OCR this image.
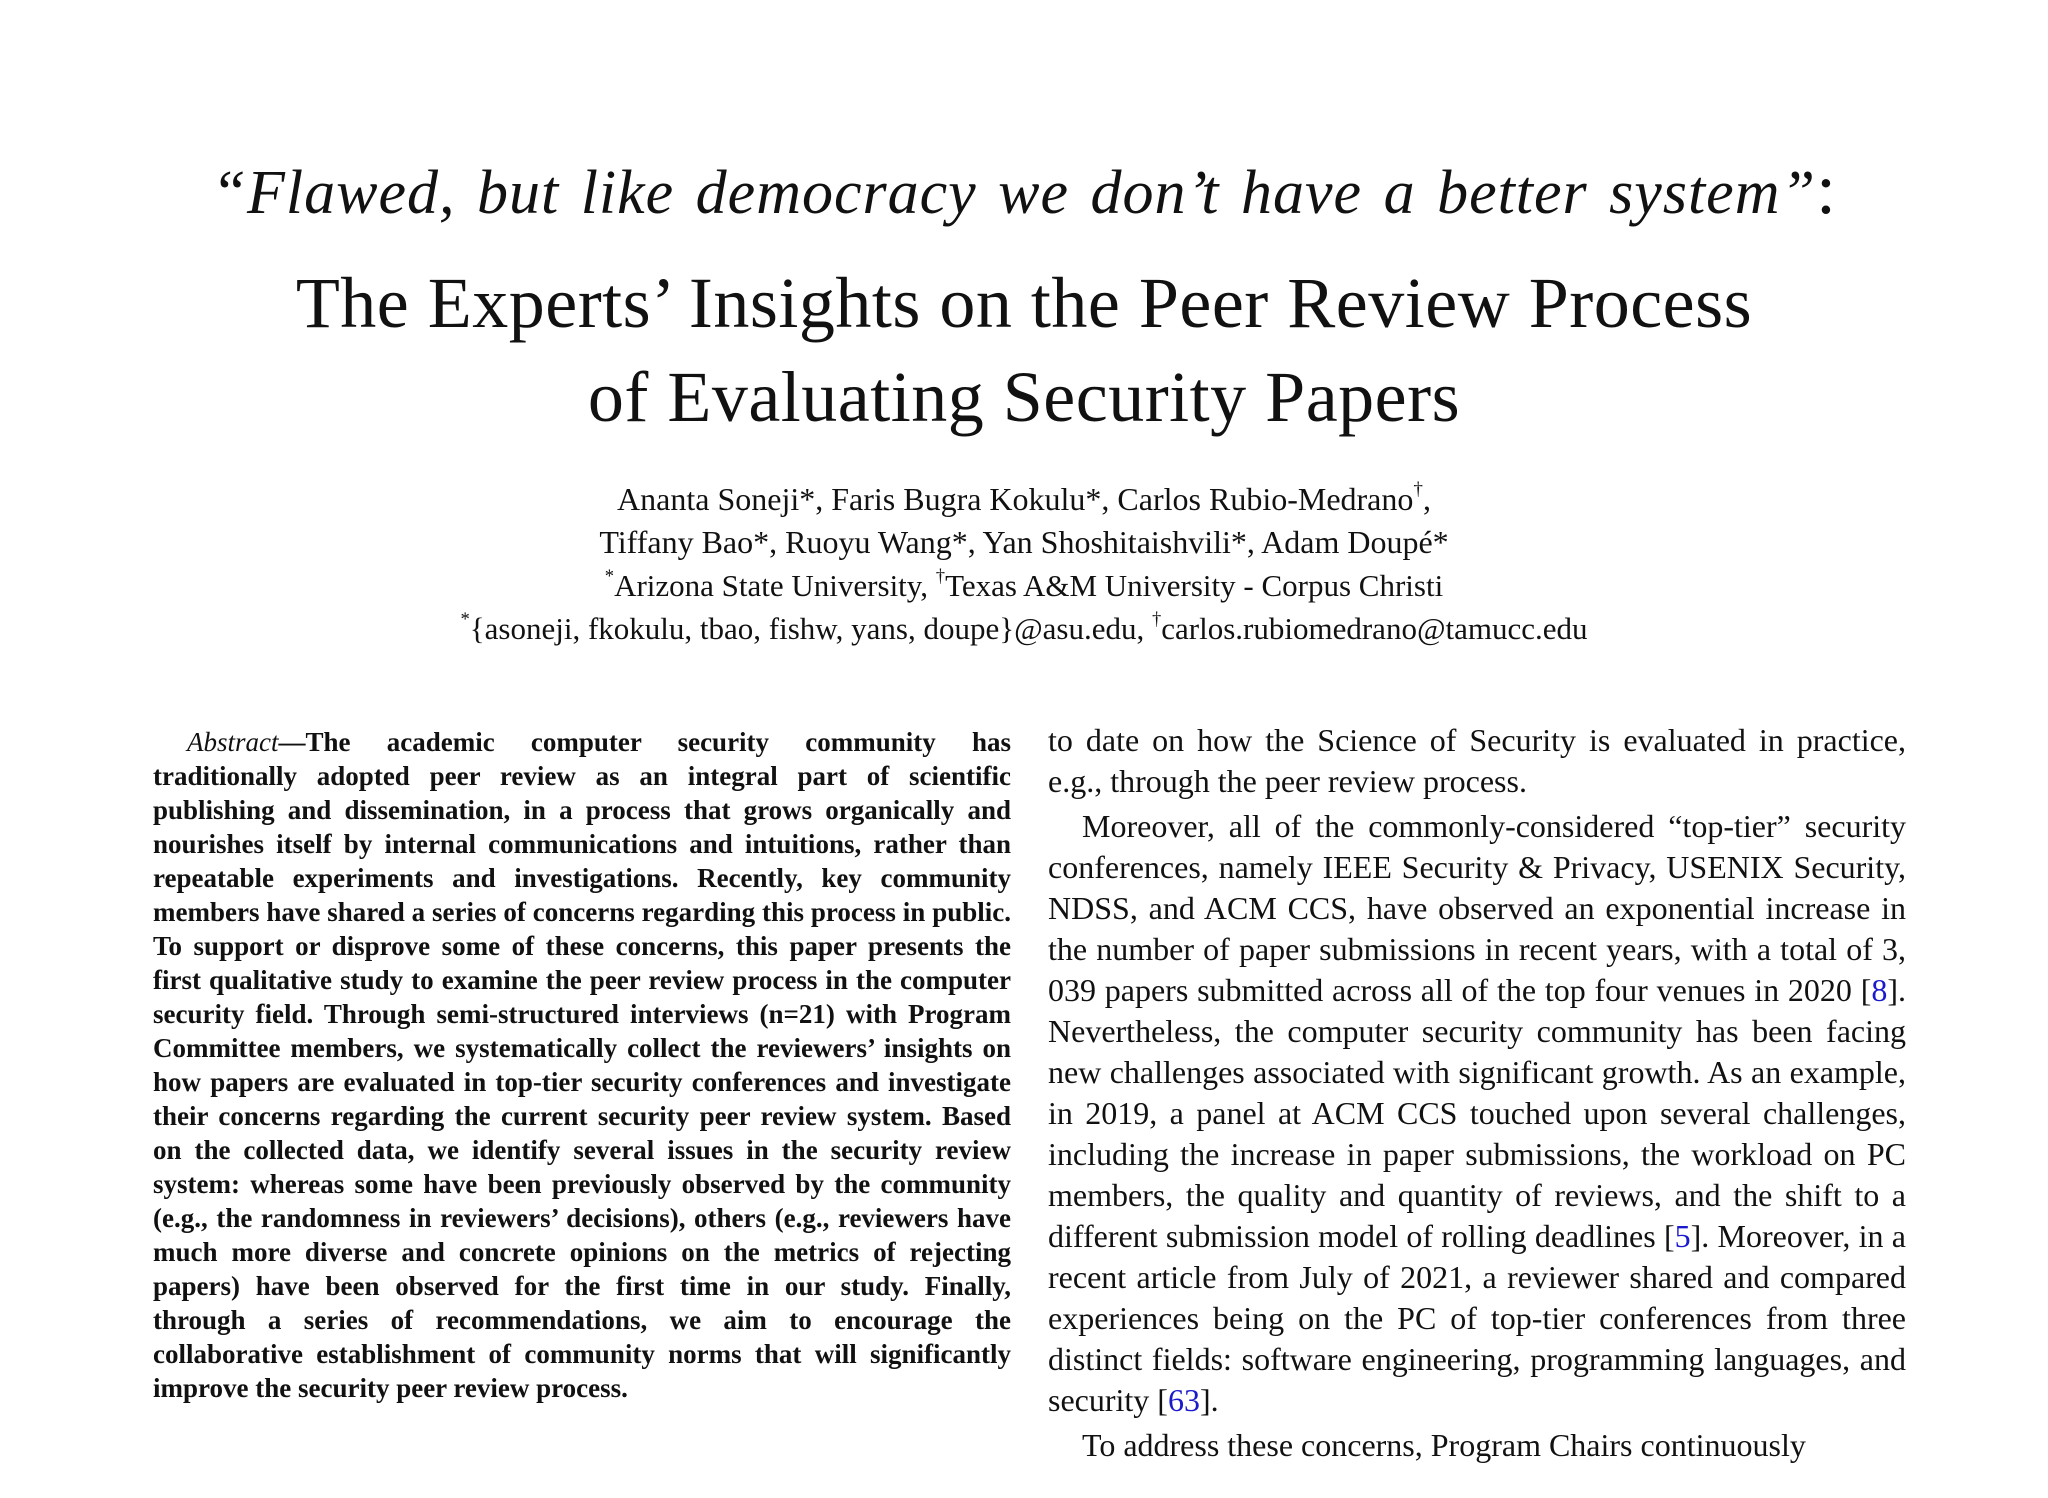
“Flawed, but like democracy we don’t have a better system”:
The Experts’ Insights on the Peer Review Process
of Evaluating Security Papers
Ananta Soneji*, Faris Bugra Kokulu*, Carlos Rubio-Medrano†,
Tiffany Bao*, Ruoyu Wang*, Yan Shoshitaishvili*, Adam Doupé*
*Arizona State University, †Texas A&M University - Corpus Christi
*{asoneji, fkokulu, tbao, fishw, yans, doupe}@asu.edu, †carlos.rubiomedrano@tamucc.edu
Abstract—The academic computer security community has traditionally adopted peer review as an integral part of scientific publishing and dissemination, in a process that grows organically and nourishes itself by internal communications and intuitions, rather than repeatable experiments and investigations. Recently, key community members have shared a series of concerns regarding this process in public. To support or disprove some of these concerns, this paper presents the first qualitative study to examine the peer review process in the computer security field. Through semi-structured interviews (n=21) with Program Committee members, we systematically collect the reviewers’ insights on how papers are evaluated in top-tier security conferences and investigate their concerns regarding the current security peer review system. Based on the collected data, we identify several issues in the security review system: whereas some have been previously observed by the community (e.g., the randomness in reviewers’ decisions), others (e.g., reviewers have much more diverse and concrete opinions on the metrics of rejecting papers) have been observed for the first time in our study. Finally, through a series of recommendations, we aim to encourage the collaborative establishment of community norms that will significantly improve the security peer review process.

to date on how the Science of Security is evaluated in practice, e.g., through the peer review process.

Moreover, all of the commonly-considered “top-tier” security conferences, namely IEEE Security & Privacy, USENIX Security, NDSS, and ACM CCS, have observed an exponential increase in the number of paper submissions in recent years, with a total of 3, 039 papers submitted across all of the top four venues in 2020 [8]. Nevertheless, the computer security community has been facing new challenges associated with significant growth. As an example, in 2019, a panel at ACM CCS touched upon several challenges, including the increase in paper submissions, the workload on PC members, the quality and quantity of reviews, and the shift to a different submission model of rolling deadlines [5]. Moreover, in a recent article from July of 2021, a reviewer shared and compared experiences being on the PC of top-tier conferences from three distinct fields: software engineering, programming languages, and security [63].

To address these concerns, Program Chairs continuously
